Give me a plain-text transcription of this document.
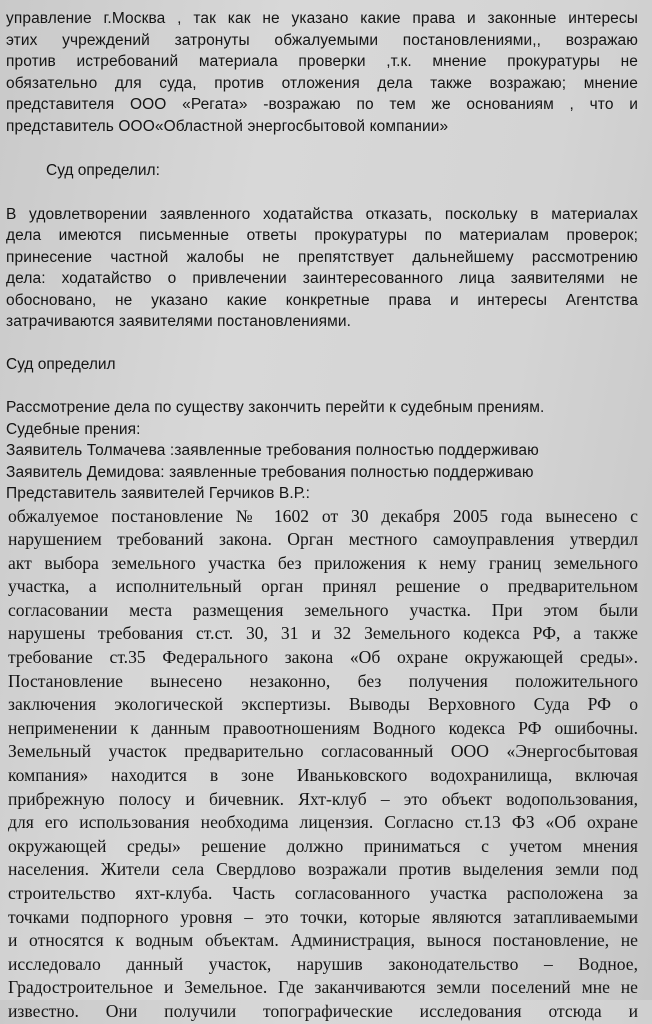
управление г.Москва , так как не указано какие права и законные интересы
этих учреждений затронуты обжалуемыми постановлениями,, возражаю
против истребований материала проверки ,т.к. мнение прокуратуры не
обязательно для суда, против отложения дела также возражаю; мнение
представителя ООО «Регата» -возражаю по тем же основаниям , что и
представитель ООО«Областной энергосбытовой компании»
Суд определил:
В удовлетворении заявленного ходатайства отказать, поскольку в материалах
дела имеются письменные ответы прокуратуры по материалам проверок;
принесение частной жалобы не препятствует дальнейшему рассмотрению
дела: ходатайство о привлечении заинтересованного лица заявителями не
обосновано, не указано какие конкретные права и интересы Агентства
затрачиваются заявителями постановлениями.
Суд определил
Рассмотрение дела по существу закончить перейти к судебным прениям.
Судебные прения:
Заявитель Толмачева :заявленные требования полностью поддерживаю
Заявитель Демидова: заявленные требования полностью поддерживаю
Представитель заявителей Герчиков В.Р.:
обжалуемое постановление № 1602 от 30 декабря 2005 года вынесено с
нарушением требований закона. Орган местного самоуправления утвердил
акт выбора земельного участка без приложения к нему границ земельного
участка, а исполнительный орган принял решение о предварительном
согласовании места размещения земельного участка. При этом были
нарушены требования ст.ст. 30, 31 и 32 Земельного кодекса РФ, а также
требование ст.35 Федерального закона «Об охране окружающей среды».
Постановление вынесено незаконно, без получения положительного
заключения экологической экспертизы. Выводы Верховного Суда РФ о
неприменении к данным правоотношениям Водного кодекса РФ ошибочны.
Земельный участок предварительно согласованный ООО «Энергосбытовая
компания» находится в зоне Иваньковского водохранилища, включая
прибрежную полосу и бичевник. Яхт-клуб – это объект водопользования,
для его использования необходима лицензия. Согласно ст.13 ФЗ «Об охране
окружающей среды» решение должно приниматься с учетом мнения
населения. Жители села Свердлово возражали против выделения земли под
строительство яхт-клуба. Часть согласованного участка расположена за
точками подпорного уровня – это точки, которые являются затапливаемыми
и относятся к водным объектам. Администрация, вынося постановление, не
исследовало данный участок, нарушив законодательство – Водное,
Градостроительное и Земельное. Где заканчиваются земли поселений мне не
известно. Они получили топографические исследования отсюда и
